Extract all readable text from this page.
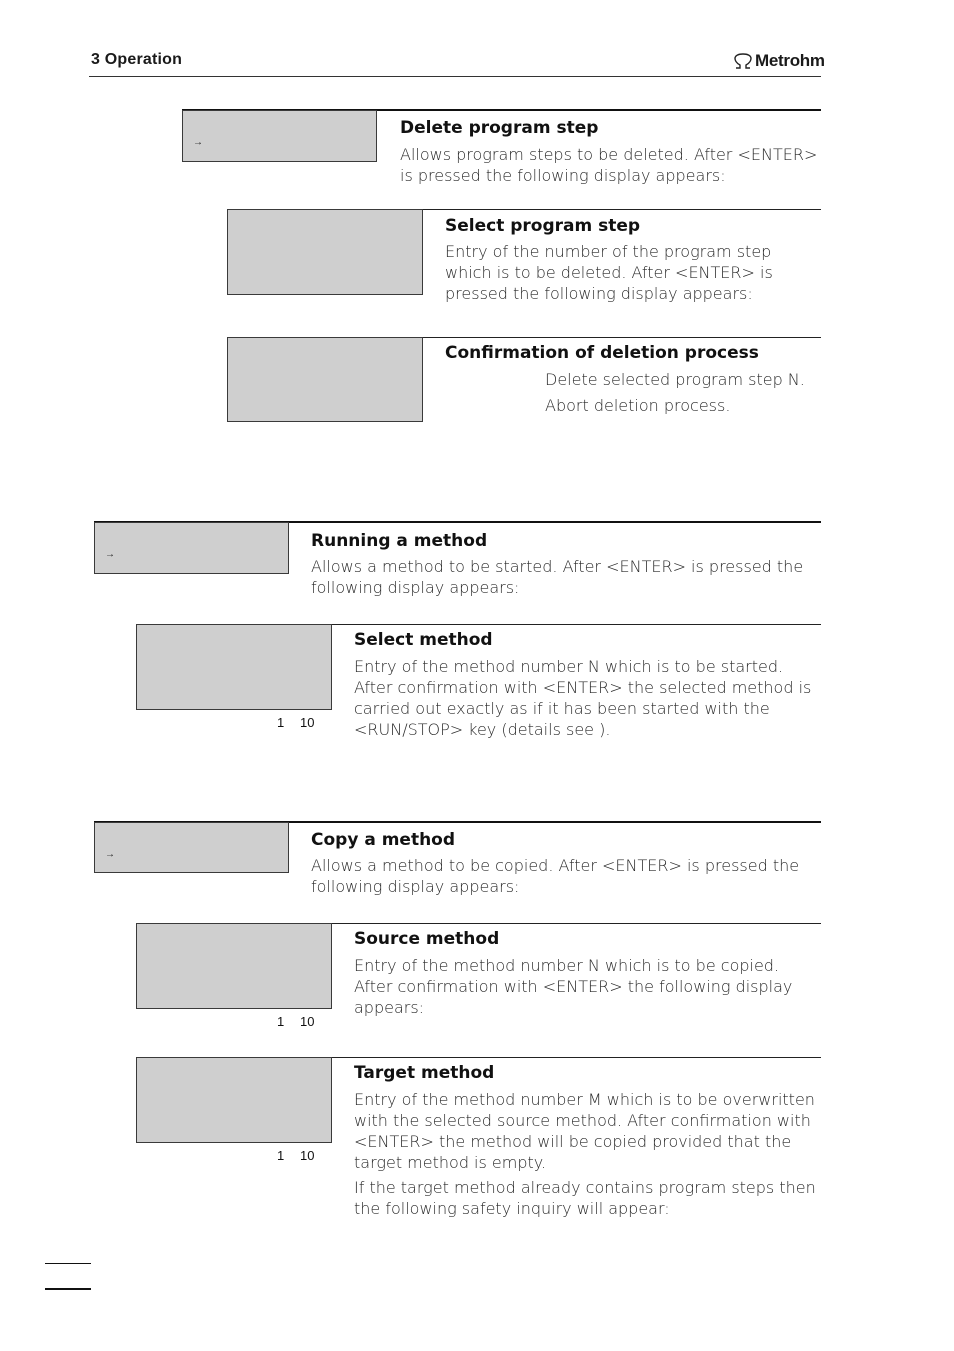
3 Operation	Metrohm
→
Delete program step
Allows program steps to be deleted. After <ENTER> is pressed the following display appears:
Select program step
Entry of the number of the program step which is to be deleted. After <ENTER> is pressed the following display appears:
Confirmation of deletion process
Delete selected program step N.
Abort deletion process.
→
Running a method
Allows a method to be started. After <ENTER> is pressed the following display appears:
1 10
Select method
Entry of the method number N which is to be started. After confirmation with <ENTER> the selected method is carried out exactly as if it has been started with the <RUN/STOP> key (details see ).
→
Copy a method
Allows a method to be copied. After <ENTER> is pressed the following display appears:
1 10
Source method
Entry of the method number N which is to be copied. After confirmation with <ENTER> the following display appears:
1 10
Target method
Entry of the method number M which is to be overwritten with the selected source method. After confirmation with <ENTER> the method will be copied provided that the target method is empty.
If the target method already contains program steps then the following safety inquiry will appear:
